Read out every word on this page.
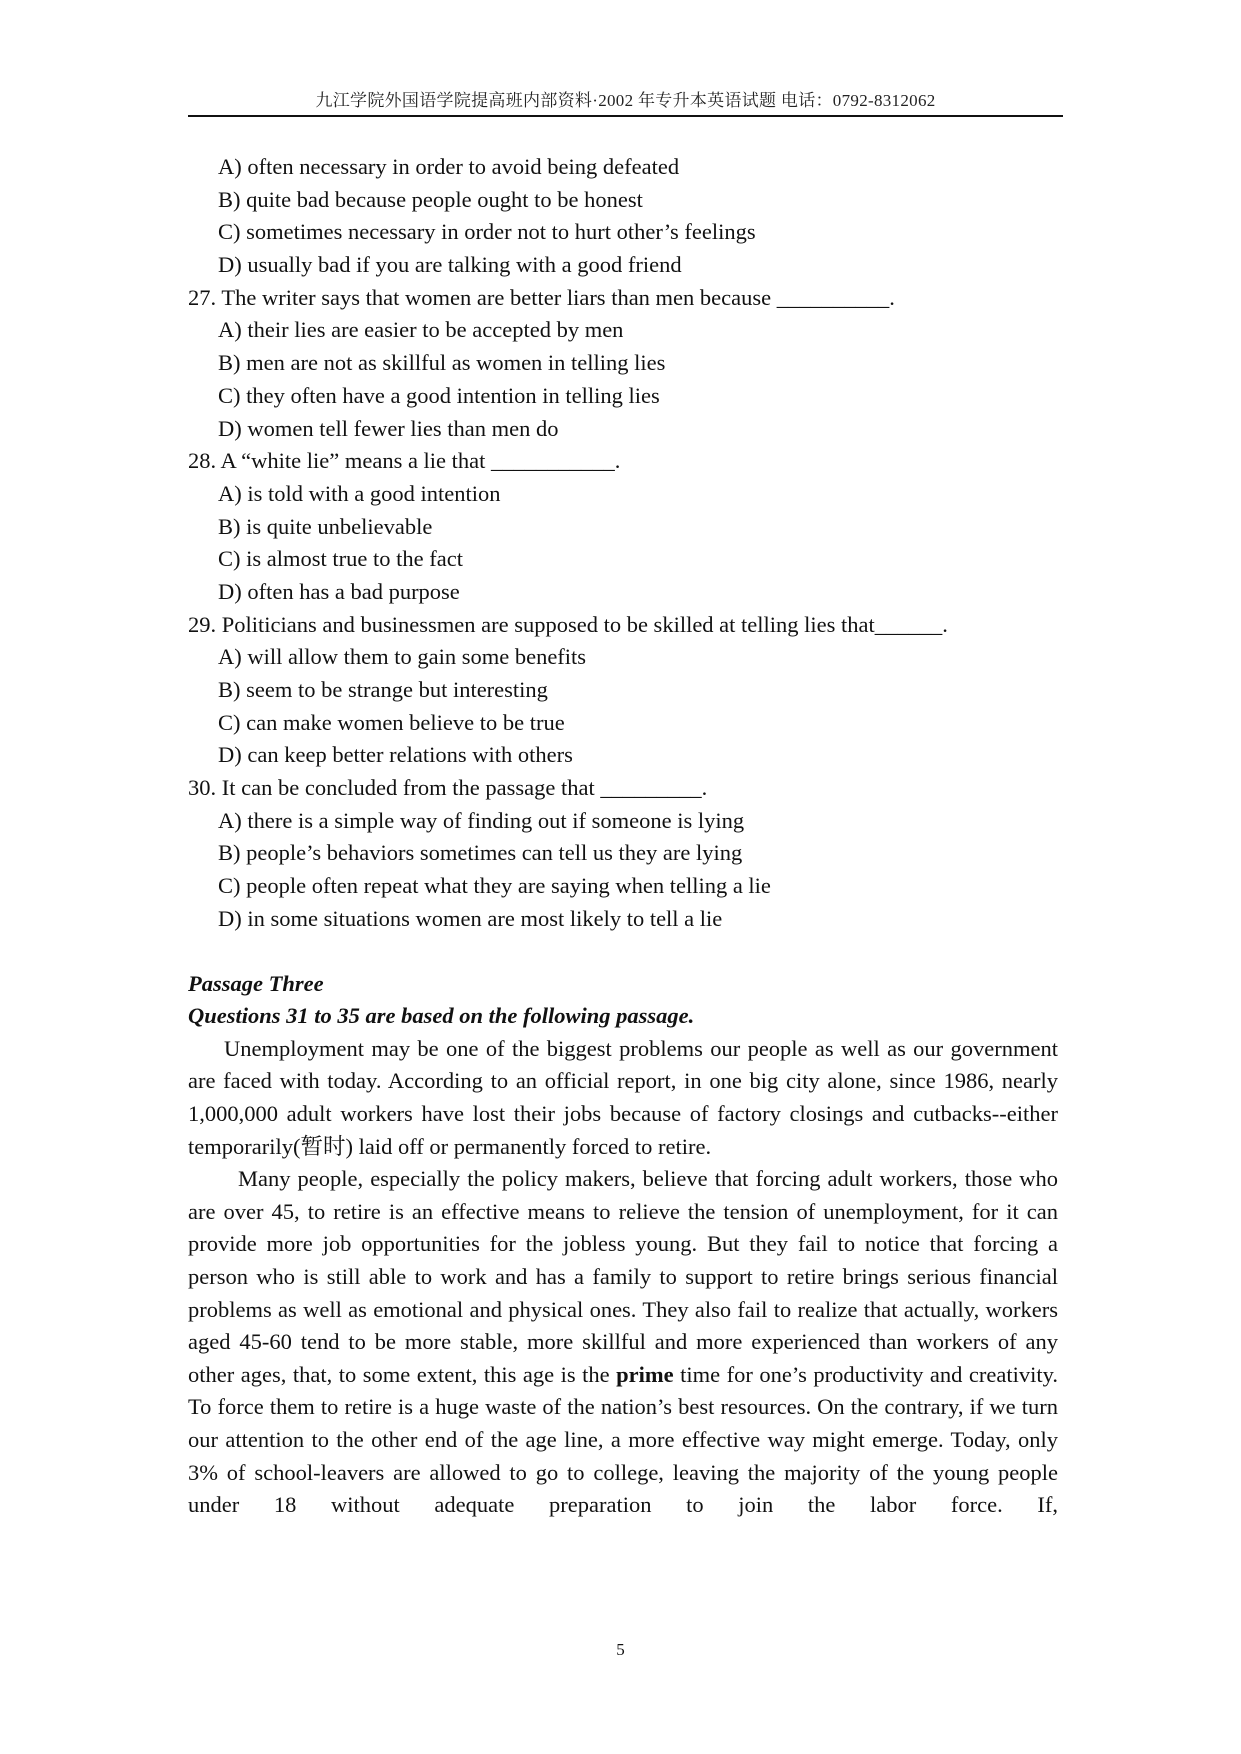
九江学院外国语学院提高班内部资料·2002 年专升本英语试题 电话：0792-8312062
A) often necessary in order to avoid being defeated
B) quite bad because people ought to be honest
C) sometimes necessary in order not to hurt other’s feelings
D) usually bad if you are talking with a good friend
27. The writer says that women are better liars than men because __________.
A) their lies are easier to be accepted by men
B) men are not as skillful as women in telling lies
C) they often have a good intention in telling lies
D) women tell fewer lies than men do
28. A “white lie” means a lie that ___________.
A) is told with a good intention
B) is quite unbelievable
C) is almost true to the fact
D) often has a bad purpose
29. Politicians and businessmen are supposed to be skilled at telling lies that______.
A) will allow them to gain some benefits
B) seem to be strange but interesting
C) can make women believe to be true
D) can keep better relations with others
30. It can be concluded from the passage that _________.
A) there is a simple way of finding out if someone is lying
B) people’s behaviors sometimes can tell us they are lying
C) people often repeat what they are saying when telling a lie
D) in some situations women are most likely to tell a lie
Passage Three
Questions 31 to 35 are based on the following passage.

Unemployment may be one of the biggest problems our people as well as our government are faced with today. According to an official report, in one big city alone, since 1986, nearly 1,000,000 adult workers have lost their jobs because of factory closings and cutbacks--either temporarily(暂时) laid off or permanently forced to retire.

Many people, especially the policy makers, believe that forcing adult workers, those who are over 45, to retire is an effective means to relieve the tension of unemployment, for it can provide more job opportunities for the jobless young. But they fail to notice that forcing a person who is still able to work and has a family to support to retire brings serious financial problems as well as emotional and physical ones. They also fail to realize that actually, workers aged 45-60 tend to be more stable, more skillful and more experienced than workers of any other ages, that, to some extent, this age is the prime time for one’s productivity and creativity. To force them to retire is a huge waste of the nation’s best resources. On the contrary, if we turn our attention to the other end of the age line, a more effective way might emerge. Today, only 3% of school-leavers are allowed to go to college, leaving the majority of the young people under 18 without adequate preparation to join the labor force. If,

5
